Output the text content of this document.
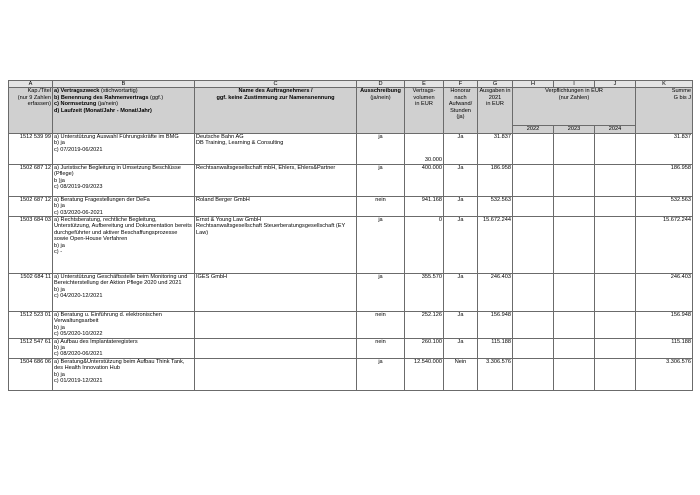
A	B	C	D	E	F	G	H	I	J	K
Kap./Titel
(nur 9 Zahlen
erfassen)	a) Vertragszweck (stichwortartig)
b) Benennung des Rahmenvertrags (ggf.)
c) Normsetzung (ja/nein)
d) Laufzeit (Monat/Jahr - Monat/Jahr)	Name des Auftragnehmers /
ggf. keine Zustimmung zur Namensnennung	Ausschreibung
(ja/nein)	Vertrags-
volumen
in EUR	Honorar
nach
Aufwand/
Stunden
(ja)	Ausgaben in
2021
in EUR	Verpflichtungen in EUR
(nur Zahlen)			Summe
G bis J
							2022	2023	2024	
1512 539 99	a) Unterstützung Auswahl Führungskräfte im BMG
b) ja
c) 07/2019-06/2021	Deutsche Bahn AG
DB Training, Learning & Consulting	ja	30.000	Ja	31.837				31.837
1502 687 12	a) Juristische Begleitung in Umsetzung Beschlüsse (Pflege)
b )ja
c) 08/2019-09/2023	Rechtsanwaltsgesellschaft mbH, Ehlers, Ehlers&Partner	ja	400.000	Ja	186.958				186.958
1502 687 12	a) Beratung Fragestellungen der DeFa
b) ja
c) 03/2020-06-2021	Roland Berger GmbH	nein	941.168	Ja	532.563				532.563
1503 684 03	a) Rechtsberatung, rechtliche Begleitung, Unterstützung, Aufbereitung und Dokumentation bereits durchgeführter und aktiver Beschaffungsprozesse sowie Open-House Verfahren
b) ja
c) -	Ernst & Young Law GmbH
Rechtsanwaltsgesellschaft Steuerberatungsgesellschaft (EY Law)	ja	0	Ja	15.672.244				15.672.244
1502 684 11	a) Unterstützung Geschäftsstelle beim Monitoring und Bereichterstellung der Aktion Pflege 2020 und 2021
b) ja
c) 04/2020-12/2021	IGES GmbH	ja	355.570	Ja	246.403				246.403
1512 523 01	a) Beratung u. Einführung d. elektronischen Verwaltungsarbeit
b) ja
c) 05/2020-10/2022		nein	252.126	Ja	156.948				156.948
1512 547 61	a) Aufbau des Implantateregisters
b) ja
c) 08/2020-06/2021		nein	260.100	Ja	115.188				115.188
1504 686 06	a) Beratung&Unterstützung beim Aufbau Think Tank, des Health Innovation Hub
b) ja
c) 01/2019-12/2021		ja	12.540.000	Nein	3.306.576				3.306.576
